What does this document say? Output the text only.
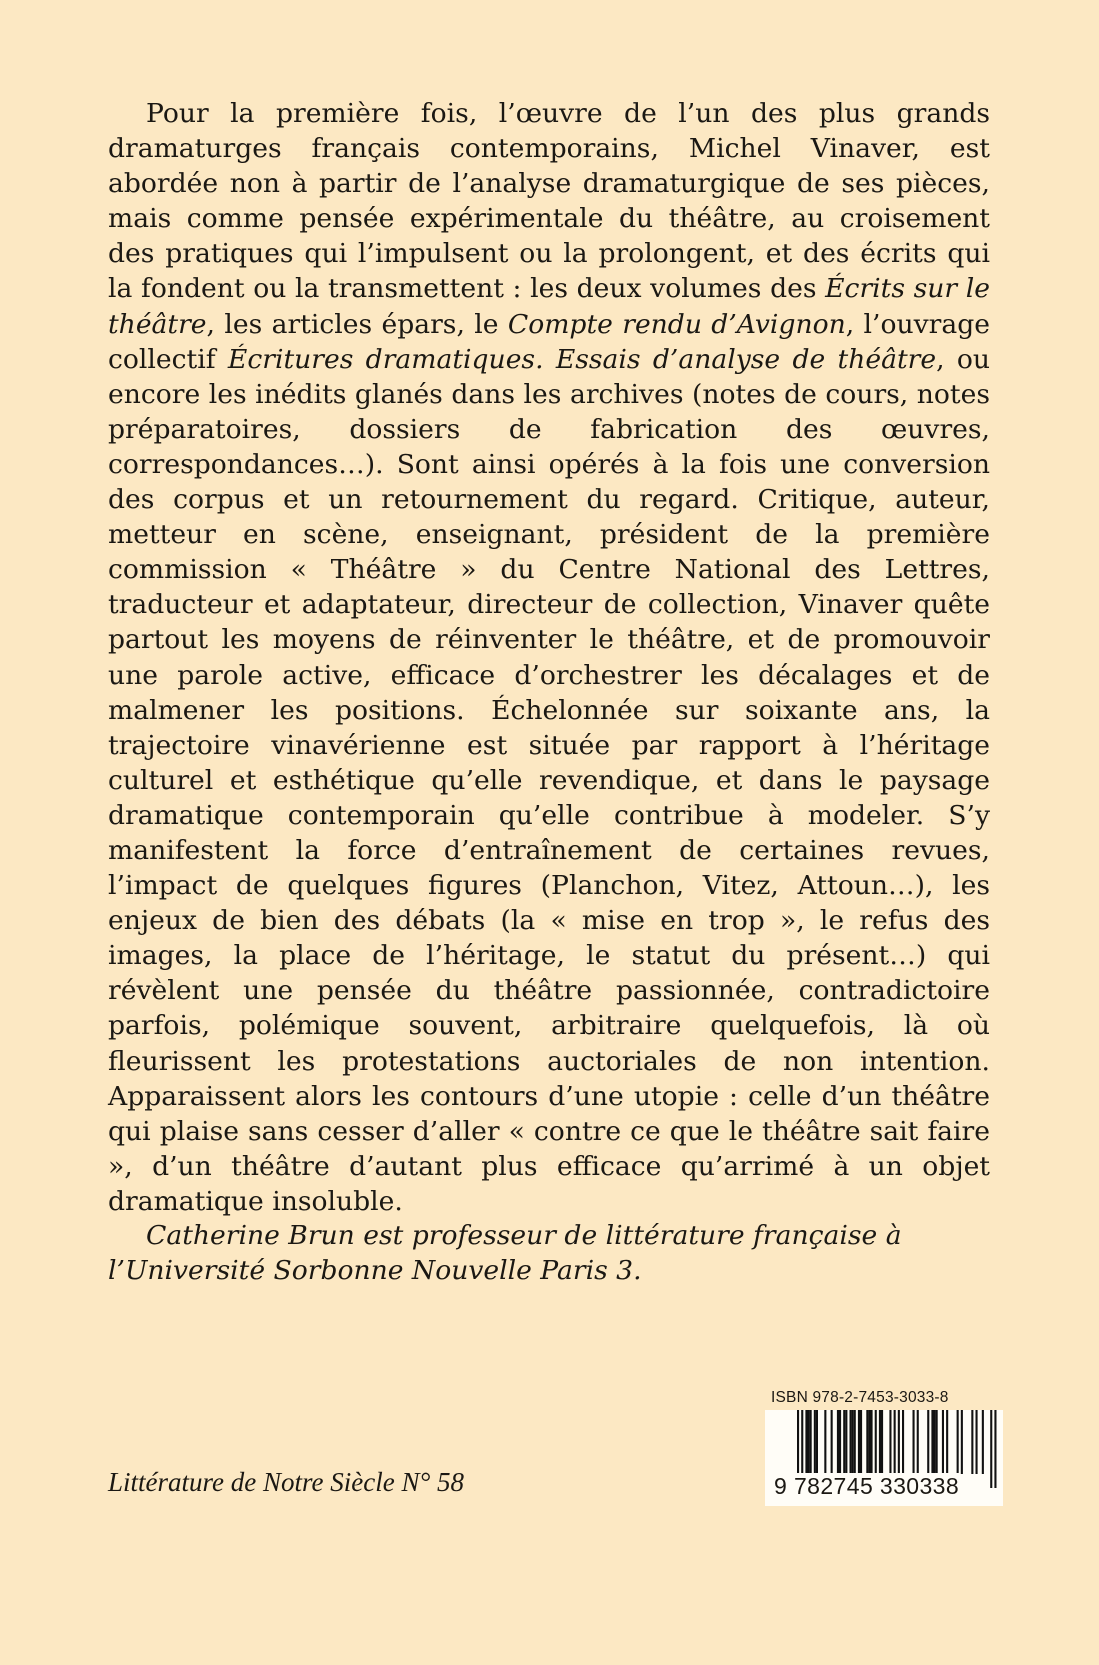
Pour la première fois, l’œuvre de l’un des plus grands dramaturges français contemporains, Michel Vinaver, est abordée non à partir de l’analyse dramaturgique de ses pièces, mais comme pensée expérimentale du théâtre, au croisement des pratiques qui l’impulsent ou la prolongent, et des écrits qui la fondent ou la transmettent : les deux volumes des Écrits sur le théâtre, les articles épars, le Compte rendu d’Avignon, l’ouvrage collectif Écritures dramatiques. Essais d’analyse de théâtre, ou encore les inédits glanés dans les archives (notes de cours, notes préparatoires, dossiers de fabrication des œuvres, correspondances…). Sont ainsi opérés à la fois une conversion des corpus et un retournement du regard. Critique, auteur, metteur en scène, enseignant, président de la première commission « Théâtre » du Centre National des Lettres, traducteur et adaptateur, directeur de collection, Vinaver quête partout les moyens de réinventer le théâtre, et de promouvoir une parole active, efficace d’orchestrer les décalages et de malmener les positions. Échelonnée sur soixante ans, la trajectoire vinavérienne est située par rapport à l’héritage culturel et esthétique qu’elle revendique, et dans le paysage dramatique contemporain qu’elle contribue à modeler. S’y manifestent la force d’entraînement de certaines revues, l’impact de quelques figures (Planchon, Vitez, Attoun…), les enjeux de bien des débats (la « mise en trop », le refus des images, la place de l’héritage, le statut du présent…) qui révèlent une pensée du théâtre passionnée, contradictoire parfois, polémique souvent, arbitraire quelquefois, là où fleurissent les protestations auctoriales de non intention. Apparaissent alors les contours d’une utopie : celle d’un théâtre qui plaise sans cesser d’aller « contre ce que le théâtre sait faire », d’un théâtre d’autant plus efficace qu’arrimé à un objet dramatique insoluble.

Catherine Brun est professeur de littérature française à l’Université Sorbonne Nouvelle Paris 3.

Littérature de Notre Siècle N° 58

ISBN 978-2-7453-3033-8
9 782745 330338
